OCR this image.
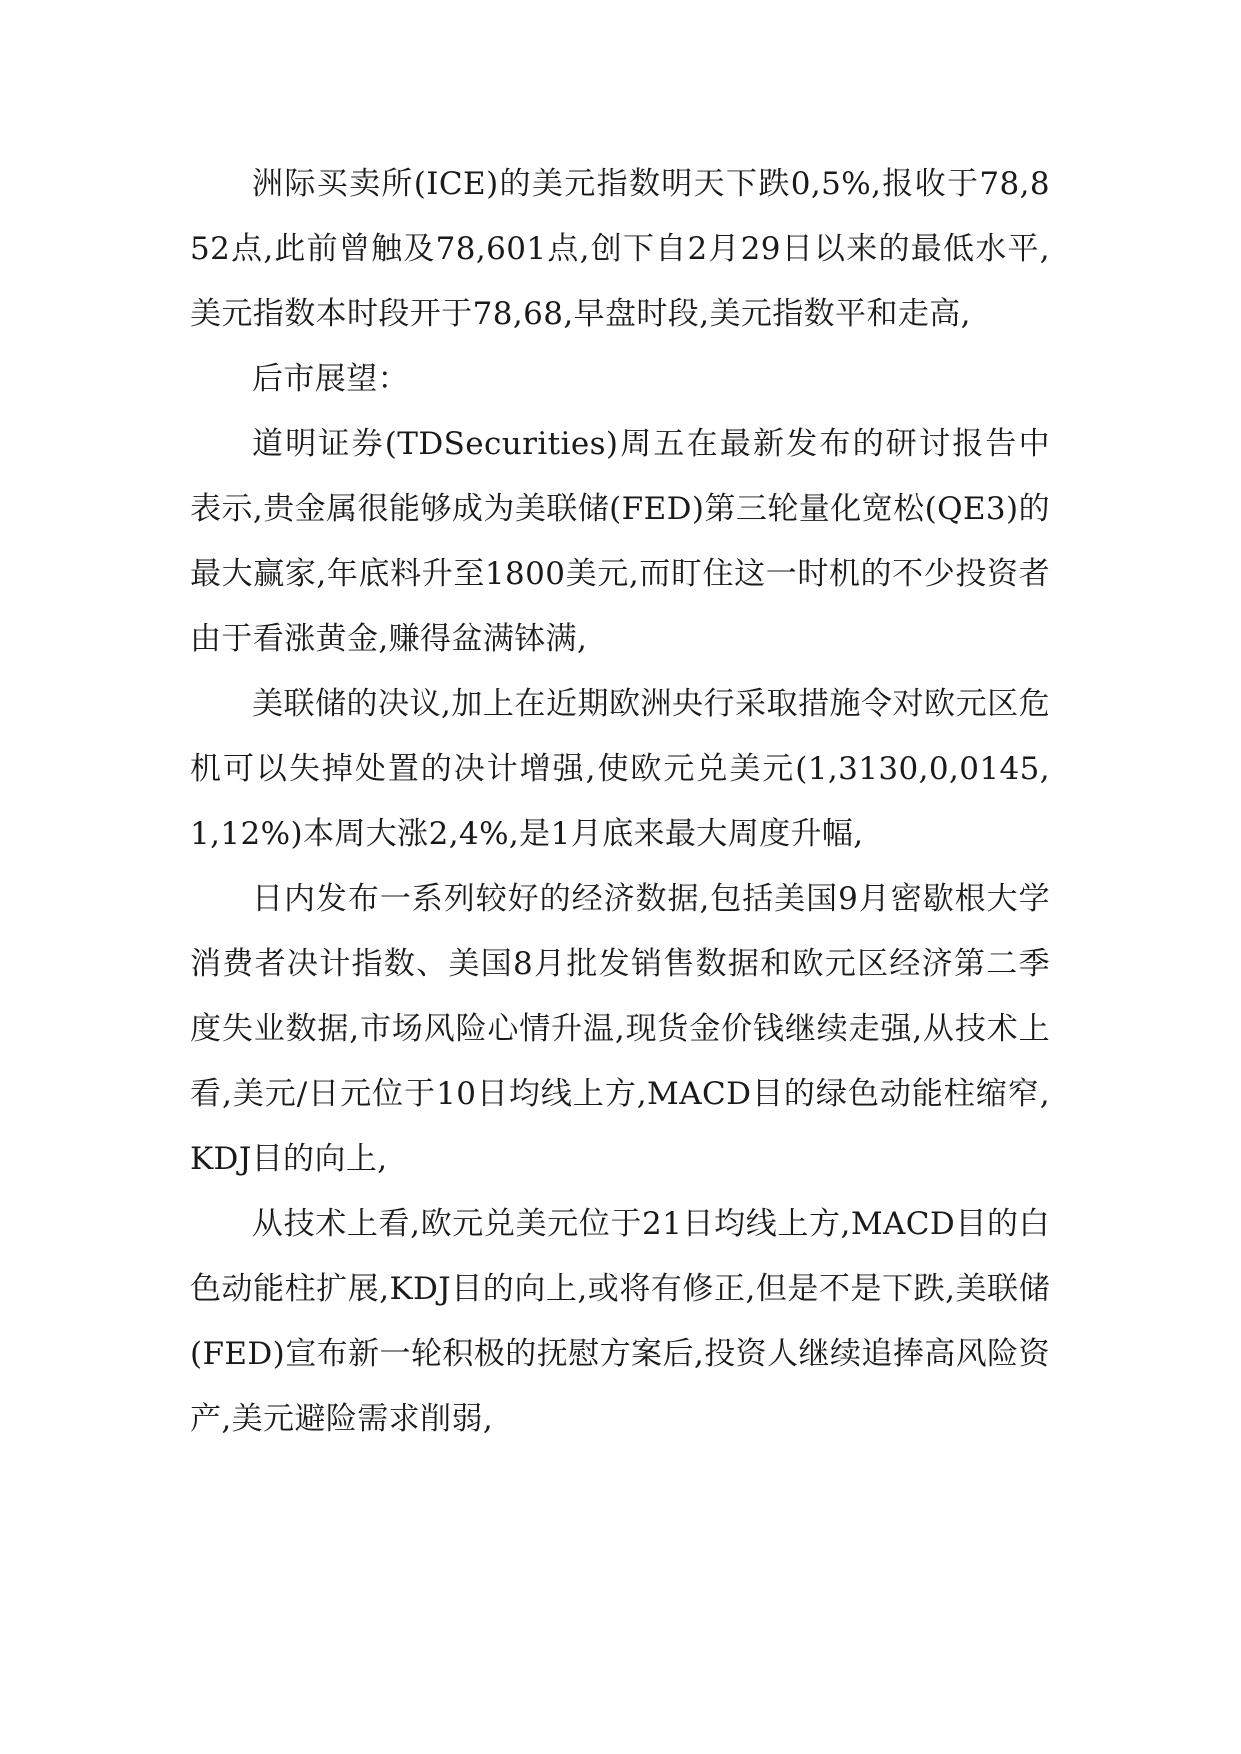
洲际买卖所(ICE)的美元指数明天下跌0,5%,报收于78,852点,此前曾触及78,601点,创下自2月29日以来的最低水平,美元指数本时段开于78,68,早盘时段,美元指数平和走高,

后市展望：

道明证券(TDSecurities)周五在最新发布的研讨报告中表示,贵金属很能够成为美联储(FED)第三轮量化宽松(QE3)的最大赢家,年底料升至1800美元,而盯住这一时机的不少投资者由于看涨黄金,赚得盆满钵满,

美联储的决议,加上在近期欧洲央行采取措施令对欧元区危机可以失掉处置的决计增强,使欧元兑美元(1,3130,0,0145,1,12%)本周大涨2,4%,是1月底来最大周度升幅,

日内发布一系列较好的经济数据,包括美国9月密歇根大学消费者决计指数、美国8月批发销售数据和欧元区经济第二季度失业数据,市场风险心情升温,现货金价钱继续走强,从技术上看,美元/日元位于10日均线上方,MACD目的绿色动能柱缩窄,KDJ目的向上,

从技术上看,欧元兑美元位于21日均线上方,MACD目的白色动能柱扩展,KDJ目的向上,或将有修正,但是不是下跌,美联储(FED)宣布新一轮积极的抚慰方案后,投资人继续追捧高风险资产,美元避险需求削弱,
